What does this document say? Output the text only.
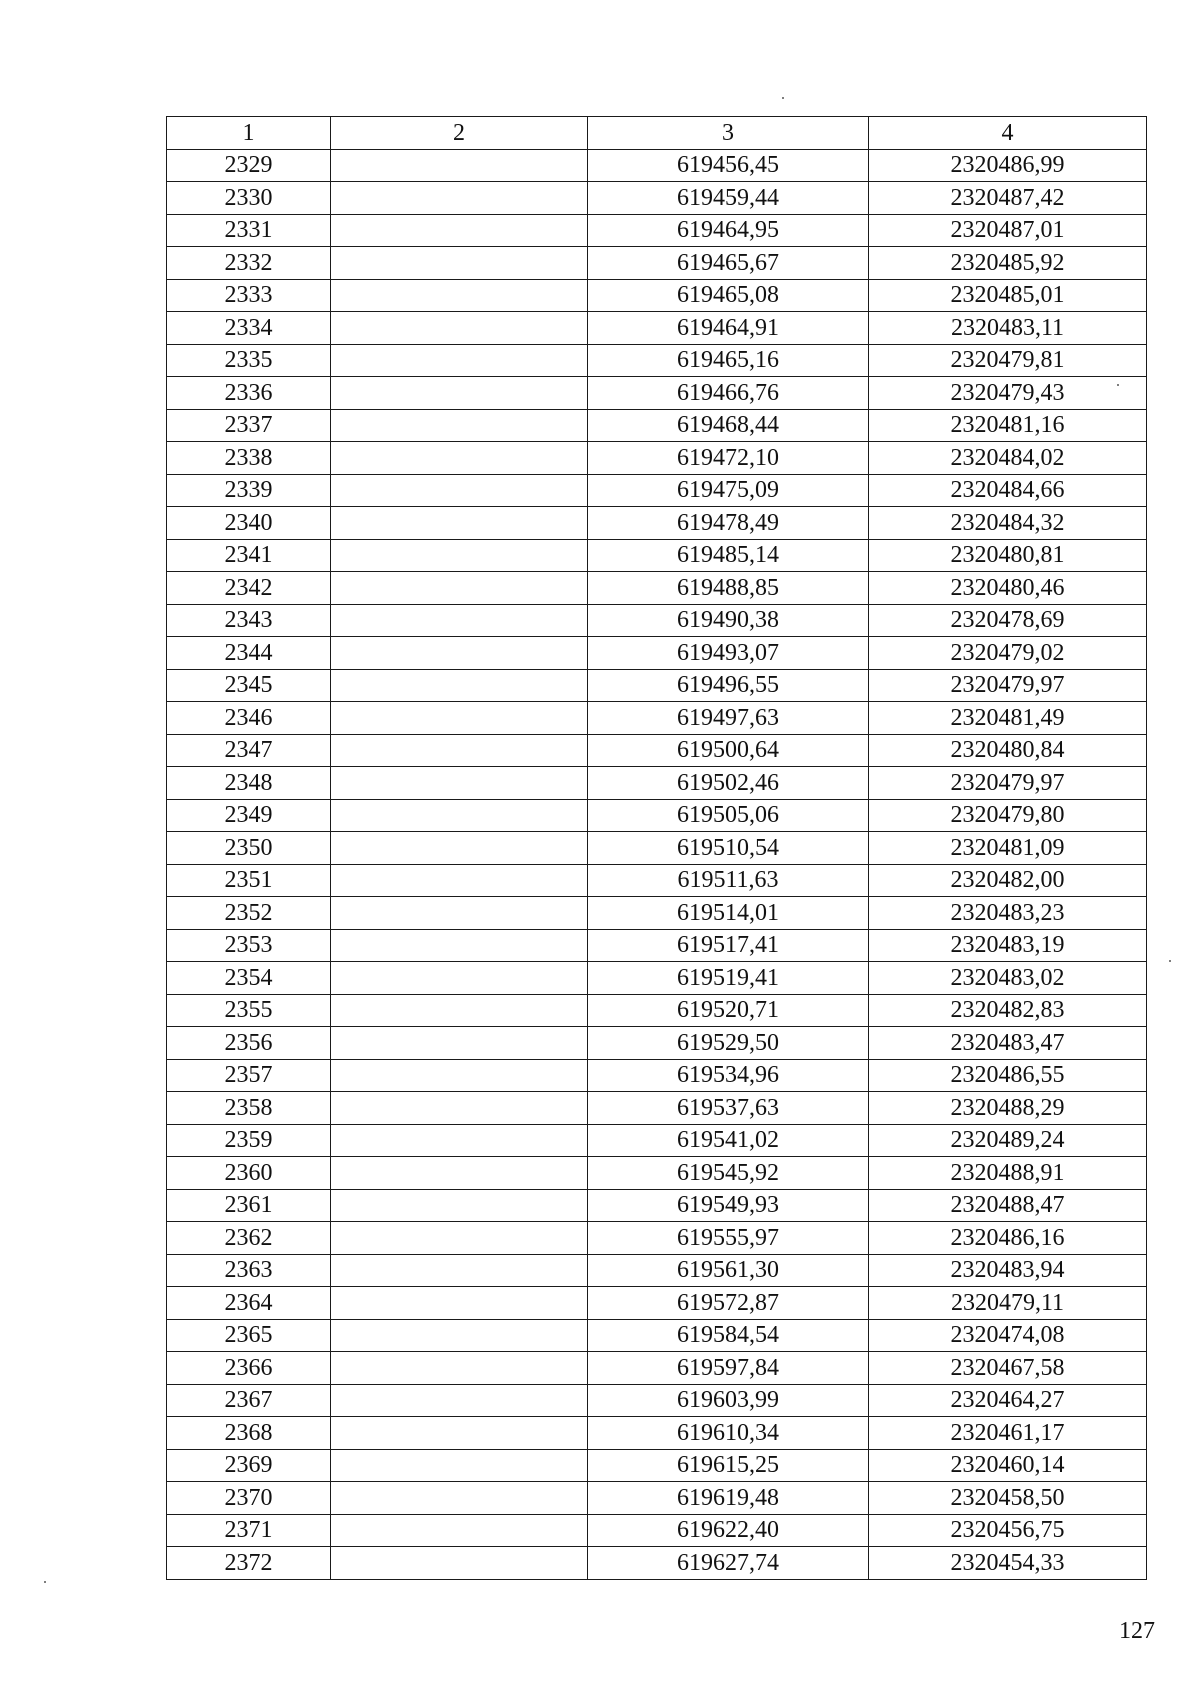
1	2	3	4
2329		619456,45	2320486,99
2330		619459,44	2320487,42
2331		619464,95	2320487,01
2332		619465,67	2320485,92
2333		619465,08	2320485,01
2334		619464,91	2320483,11
2335		619465,16	2320479,81
2336		619466,76	2320479,43
2337		619468,44	2320481,16
2338		619472,10	2320484,02
2339		619475,09	2320484,66
2340		619478,49	2320484,32
2341		619485,14	2320480,81
2342		619488,85	2320480,46
2343		619490,38	2320478,69
2344		619493,07	2320479,02
2345		619496,55	2320479,97
2346		619497,63	2320481,49
2347		619500,64	2320480,84
2348		619502,46	2320479,97
2349		619505,06	2320479,80
2350		619510,54	2320481,09
2351		619511,63	2320482,00
2352		619514,01	2320483,23
2353		619517,41	2320483,19
2354		619519,41	2320483,02
2355		619520,71	2320482,83
2356		619529,50	2320483,47
2357		619534,96	2320486,55
2358		619537,63	2320488,29
2359		619541,02	2320489,24
2360		619545,92	2320488,91
2361		619549,93	2320488,47
2362		619555,97	2320486,16
2363		619561,30	2320483,94
2364		619572,87	2320479,11
2365		619584,54	2320474,08
2366		619597,84	2320467,58
2367		619603,99	2320464,27
2368		619610,34	2320461,17
2369		619615,25	2320460,14
2370		619619,48	2320458,50
2371		619622,40	2320456,75
2372		619627,74	2320454,33
127
